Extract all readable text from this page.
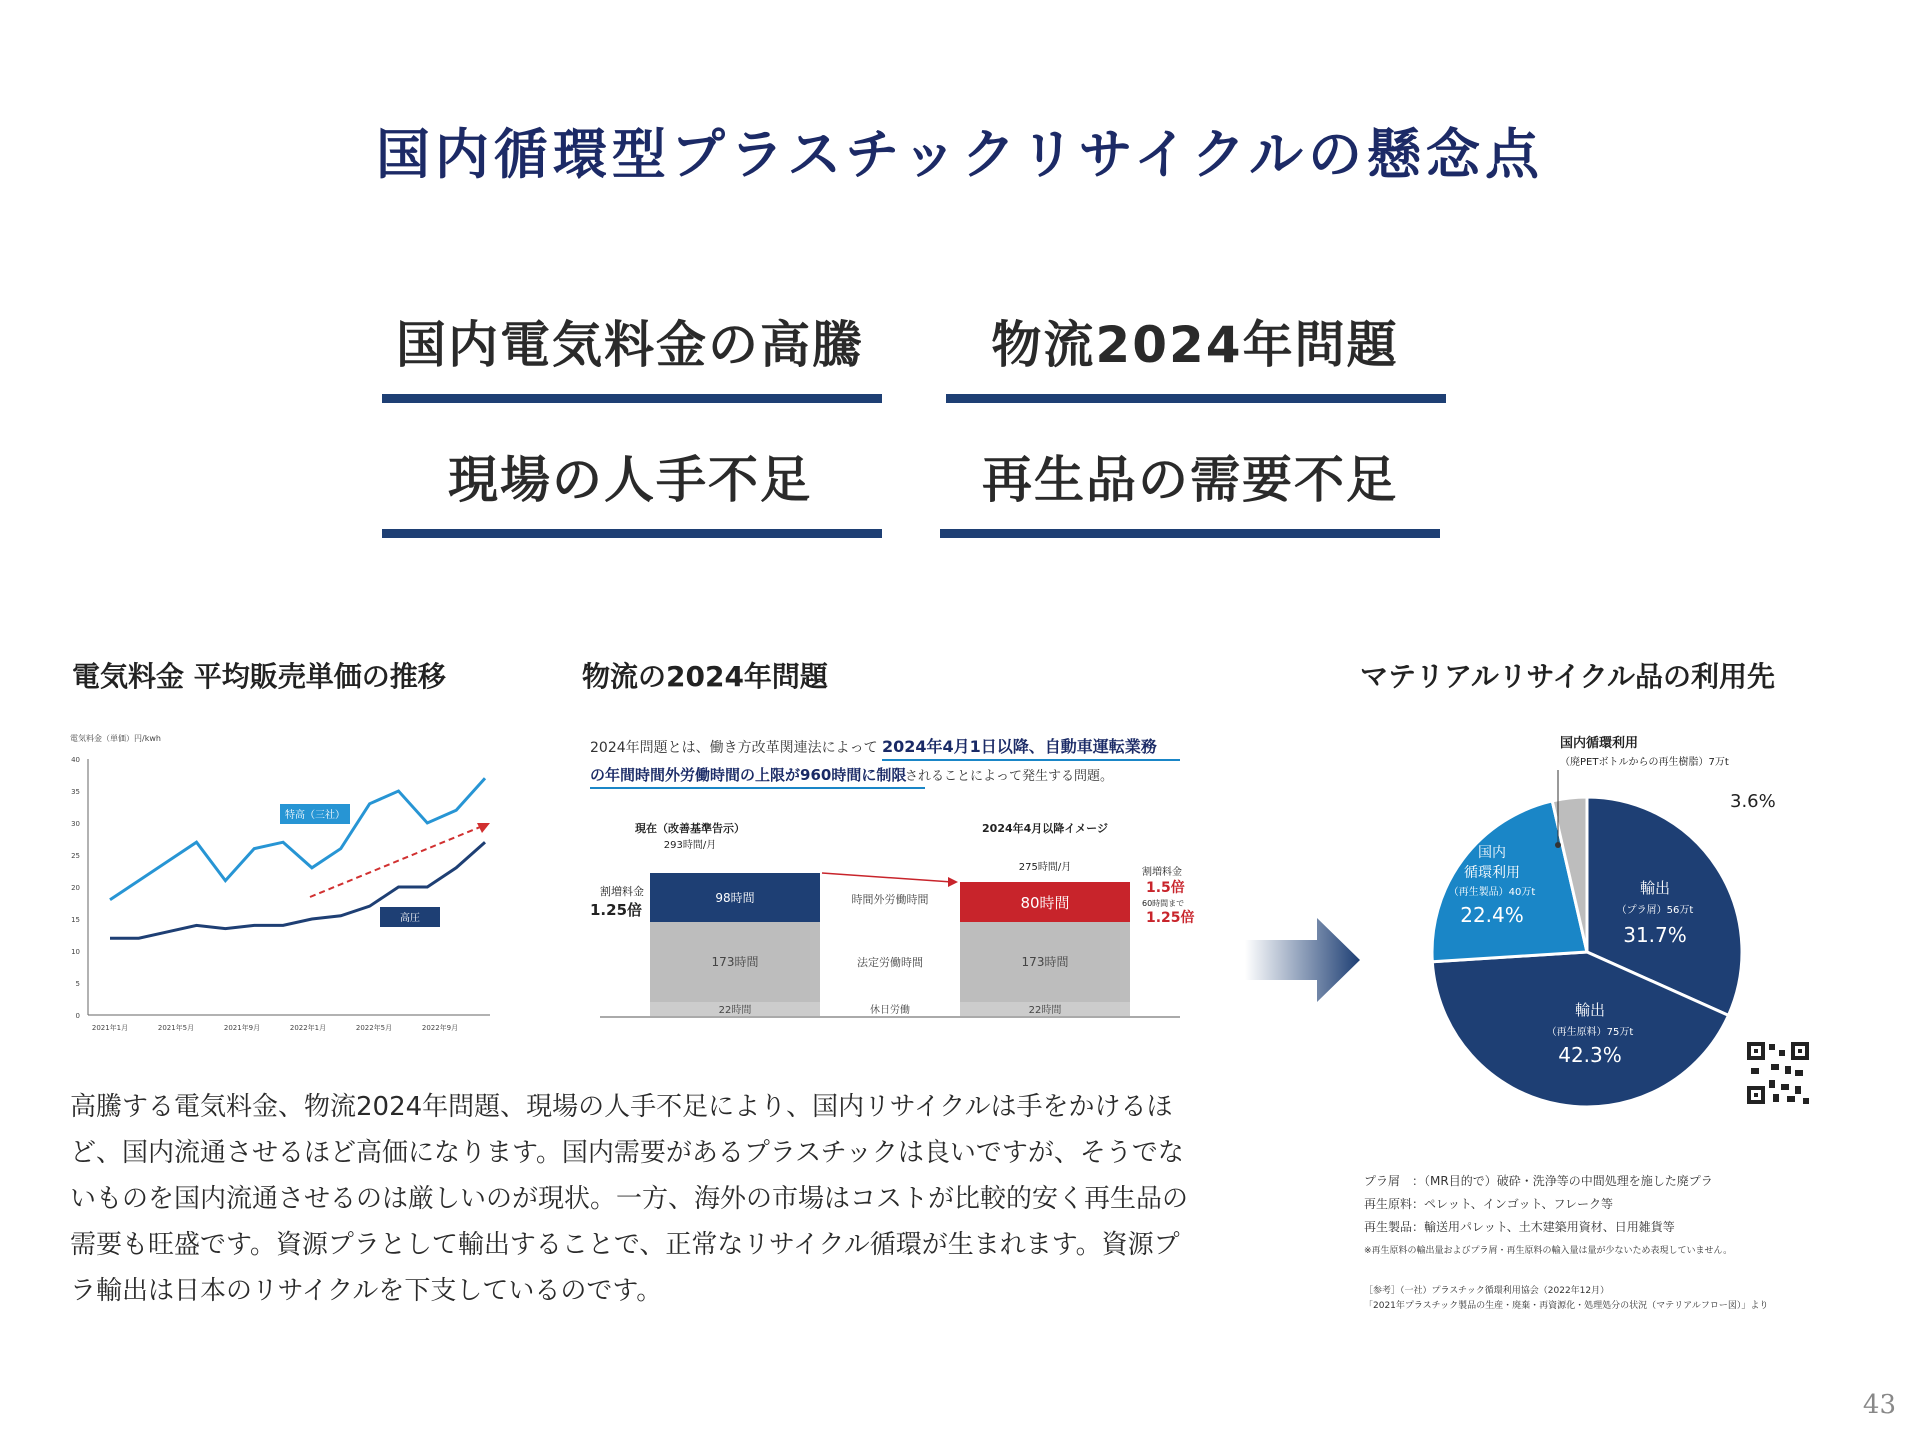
国内循環型プラスチックリサイクルの懸念点
国内電気料金の高騰	物流2024年問題
現場の人手不足	再生品の需要不足
電気料金 平均販売単価の推移	物流の2024年問題	マテリアルリサイクル品の利用先
電気料金（単価）円/kwh
40
35
30
25
20
15
10
5
0
特高（三社）
高圧
2021年1月	2021年5月	2021年9月	2022年1月	2022年5月	2022年9月
2024年問題とは、働き方改革関連法によって 2024年4月1日以降、自動車運転業務
の年間時間外労働時間の上限が960時間に制限
されることによって発生する問題。
現在（改善基準告示）
293時間/月
2024年4月以降イメージ
275時間/月
割増料金
1.25倍
98時間
173時間
22時間
80時間
173時間
22時間
時間外労働時間
法定労働時間
休日労働
割増料金
1.5倍
60時間まで
1.25倍
国内循環利用
（廃PETボトルからの再生樹脂）7万t
3.6%
国内
循環利用
（再生製品）40万t
22.4%
輸出
（プラ屑）56万t
31.7%
輸出
（再生原料）75万t
42.3%
プラ屑　：（MR目的で）破砕・洗浄等の中間処理を施した廃プラ
再生原料：ペレット、インゴット、フレーク等
再生製品：輸送用パレット、土木建築用資材、日用雑貨等
※再生原料の輸出量およびプラ屑・再生原料の輸入量は量が少ないため表現していません。
［参考］（一社）プラスチック循環利用協会（2022年12月）
「2021年プラスチック製品の生産・廃棄・再資源化・処理処分の状況（マテリアルフロー図）」より
高騰する電気料金、物流2024年問題、現場の人手不足により、国内リサイクルは手をかけるほど、国内流通させるほど高価になります。国内需要があるプラスチックは良いですが、そうでないものを国内流通させるのは厳しいのが現状。一方、海外の市場はコストが比較的安く再生品の需要も旺盛です。資源プラとして輸出することで、正常なリサイクル循環が生まれます。資源プラ輸出は日本のリサイクルを下支しているのです。
43
